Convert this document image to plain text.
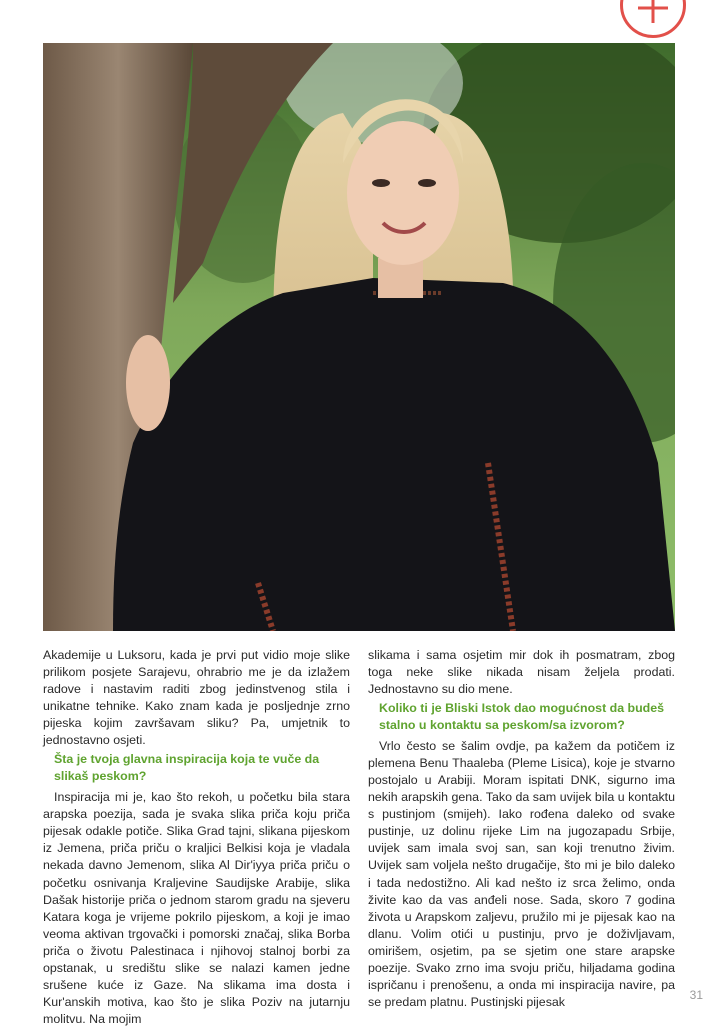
Akademije u Luksoru, kada je prvi put vidio moje slike prilikom posjete Sarajevu, ohrabrio me je da izlažem radove i nastavim raditi zbog jedinstvenog stila i unikatne tehnike. Kako znam kada je posljednje zrno pijeska kojim završavam sliku? Pa, umjetnik to jednostavno osjeti.

Šta je tvoja glavna inspiracija koja te vuče da slikaš peskom?

Inspiracija mi je, kao što rekoh, u početku bila stara arapska poezija, sada je svaka slika priča koju priča pijesak odakle potiče. Slika Grad tajni, slikana pijeskom iz Jemena, priča priču o kraljici Belkisi koja je vladala nekada davno Jemenom, slika Al Dir'iyya priča priču o početku osnivanja Kraljevine Saudijske Arabije, slika Dašak historije priča o jednom starom gradu na sjeveru Katara koga je vrijeme pokrilo pijeskom, a koji je imao veoma aktivan trgovački i pomorski značaj, slika Borba priča o životu Palestinaca i njihovoj stalnoj borbi za opstanak, u središtu slike se nalazi kamen jedne srušene kuće iz Gaze. Na slikama ima dosta i Kur'anskih motiva, kao što je slika Poziv na jutarnju molitvu. Na mojim

slikama i sama osjetim mir dok ih posmatram, zbog toga neke slike nikada nisam željela prodati. Jednostavno su dio mene.

Koliko ti je Bliski Istok dao mogućnost da budeš stalno u kontaktu sa peskom/sa izvorom?

Vrlo često se šalim ovdje, pa kažem da potičem iz plemena Benu Thaaleba (Pleme Lisica), koje je stvarno postojalo u Arabiji. Moram ispitati DNK, sigurno ima nekih arapskih gena. Tako da sam uvijek bila u kontaktu s pustinjom (smijeh). Iako rođena daleko od svake pustinje, uz dolinu rijeke Lim na jugozapadu Srbije, uvijek sam imala svoj san, san koji trenutno živim. Uvijek sam voljela nešto drugačije, što mi je bilo daleko i tada nedostižno. Ali kad nešto iz srca želimo, onda živite kao da vas anđeli nose. Sada, skoro 7 godina života u Arapskom zaljevu, pružilo mi je pijesak kao na dlanu. Volim otići u pustinju, prvo je doživljavam, omirišem, osjetim, pa se sjetim one stare arapske poezije. Svako zrno ima svoju priču, hiljadama godina ispričanu i prenošenu, a onda mi inspiracija navire, pa se predam platnu. Pustinjski pijesak	31
